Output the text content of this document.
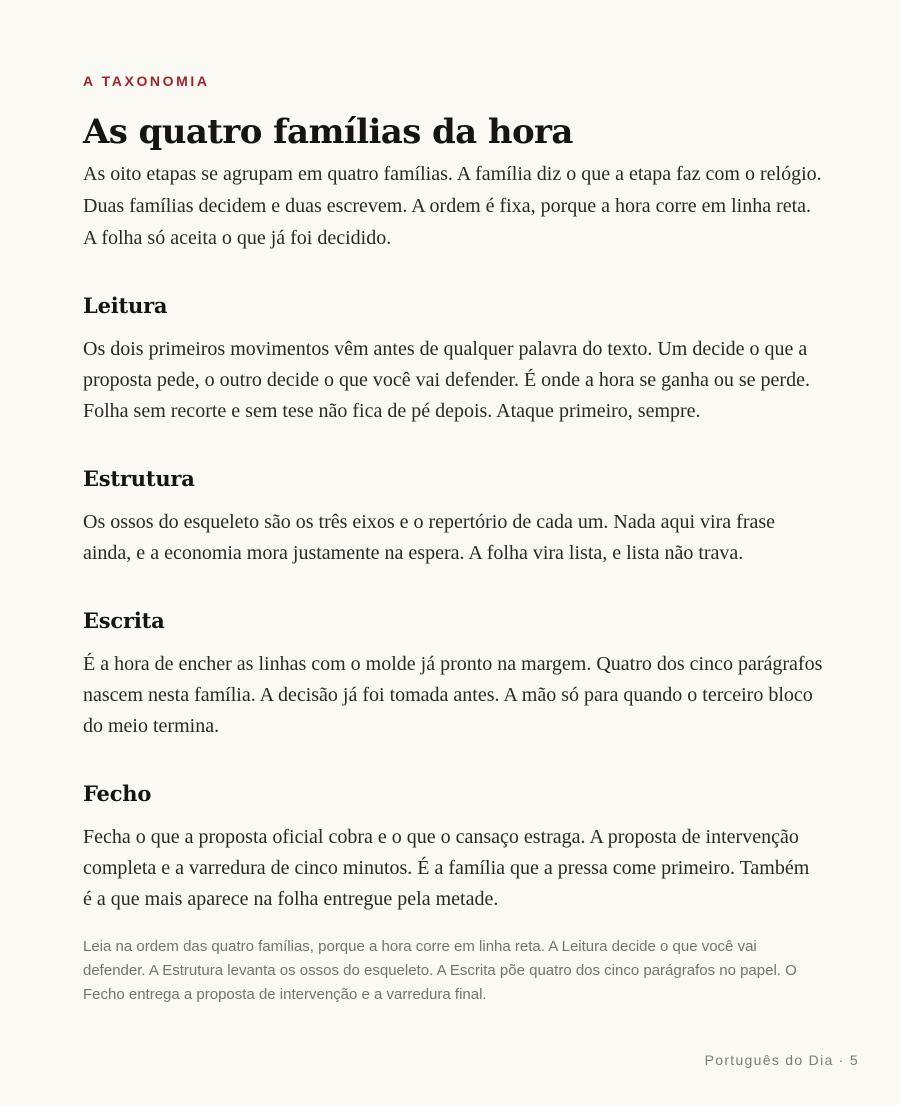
A TAXONOMIA

As quatro famílias da hora

As oito etapas se agrupam em quatro famílias. A família diz o que a etapa faz com o relógio. Duas famílias decidem e duas escrevem. A ordem é fixa, porque a hora corre em linha reta. A folha só aceita o que já foi decidido.

Leitura

Os dois primeiros movimentos vêm antes de qualquer palavra do texto. Um decide o que a proposta pede, o outro decide o que você vai defender. É onde a hora se ganha ou se perde. Folha sem recorte e sem tese não fica de pé depois. Ataque primeiro, sempre.

Estrutura

Os ossos do esqueleto são os três eixos e o repertório de cada um. Nada aqui vira frase ainda, e a economia mora justamente na espera. A folha vira lista, e lista não trava.

Escrita

É a hora de encher as linhas com o molde já pronto na margem. Quatro dos cinco parágrafos nascem nesta família. A decisão já foi tomada antes. A mão só para quando o terceiro bloco do meio termina.

Fecho

Fecha o que a proposta oficial cobra e o que o cansaço estraga. A proposta de intervenção completa e a varredura de cinco minutos. É a família que a pressa come primeiro. Também é a que mais aparece na folha entregue pela metade.

Leia na ordem das quatro famílias, porque a hora corre em linha reta. A Leitura decide o que você vai defender. A Estrutura levanta os ossos do esqueleto. A Escrita põe quatro dos cinco parágrafos no papel. O Fecho entrega a proposta de intervenção e a varredura final.

Português do Dia · 5
